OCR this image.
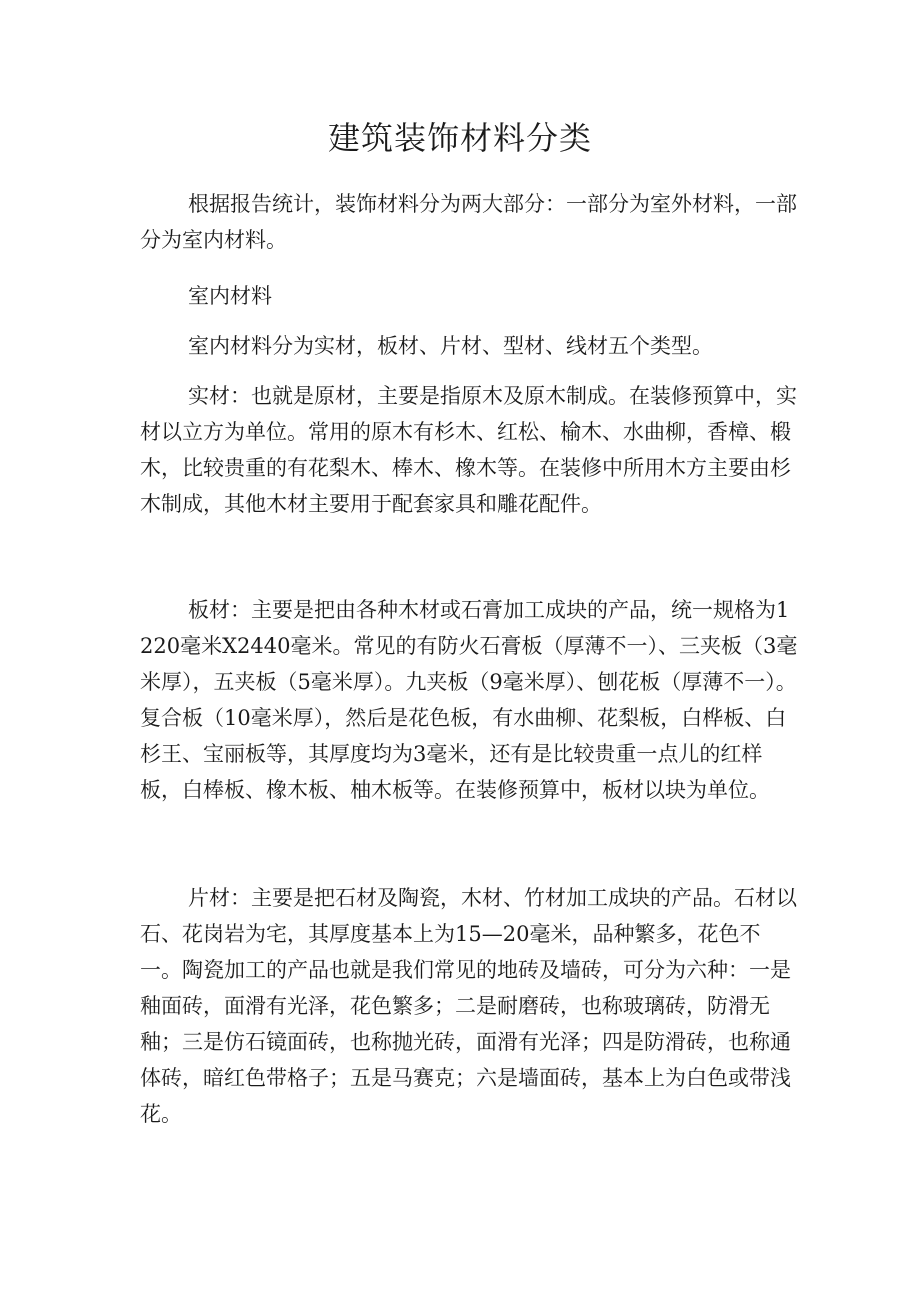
建筑装饰材料分类

根据报告统计，装饰材料分为两大部分：一部分为室外材料，一部分为室内材料。

室内材料

室内材料分为实材，板材、片材、型材、线材五个类型。

实材：也就是原材，主要是指原木及原木制成。在装修预算中，实材以立方为单位。常用的原木有杉木、红松、榆木、水曲柳，香樟、椴木，比较贵重的有花梨木、棒木、橡木等。在装修中所用木方主要由杉木制成，其他木材主要用于配套家具和雕花配件。

板材：主要是把由各种木材或石膏加工成块的产品，统一规格为1220毫米X2440毫米。常见的有防火石膏板（厚薄不一）、三夹板（3毫米厚），五夹板（5毫米厚）。九夹板（9毫米厚）、刨花板（厚薄不一）。复合板（10毫米厚），然后是花色板，有水曲柳、花梨板，白桦板、白杉王、宝丽板等，其厚度均为3毫米，还有是比较贵重一点儿的红样板，白棒板、橡木板、柚木板等。在装修预算中，板材以块为单位。

片材：主要是把石材及陶瓷，木材、竹材加工成块的产品。石材以石、花岗岩为宅，其厚度基本上为15—20毫米，品种繁多，花色不一。陶瓷加工的产品也就是我们常见的地砖及墙砖，可分为六种：一是釉面砖，面滑有光泽，花色繁多；二是耐磨砖，也称玻璃砖，防滑无釉；三是仿石镜面砖，也称抛光砖，面滑有光泽；四是防滑砖，也称通体砖，暗红色带格子；五是马赛克；六是墙面砖，基本上为白色或带浅花。
